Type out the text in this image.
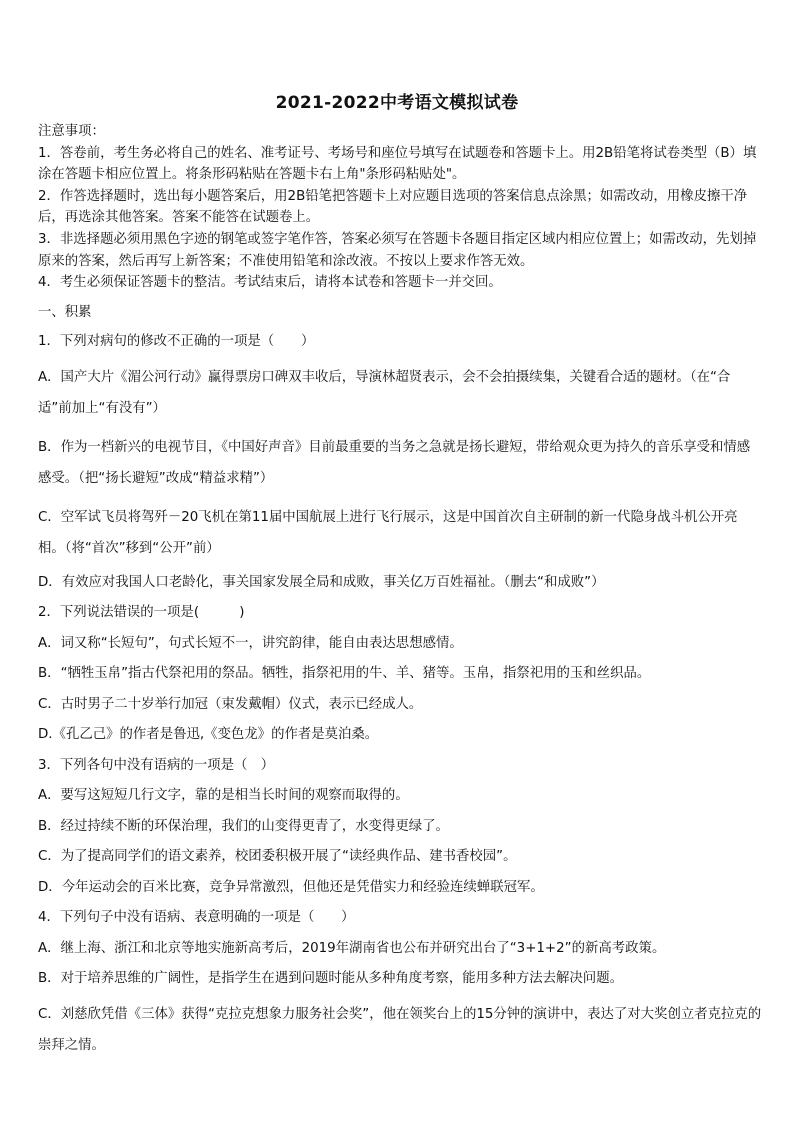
2021-2022中考语文模拟试卷

注意事项：

1．答卷前，考生务必将自己的姓名、准考证号、考场号和座位号填写在试题卷和答题卡上。用2B铅笔将试卷类型（B）填涂在答题卡相应位置上。将条形码粘贴在答题卡右上角"条形码粘贴处"。

2．作答选择题时，选出每小题答案后，用2B铅笔把答题卡上对应题目选项的答案信息点涂黑；如需改动，用橡皮擦干净后，再选涂其他答案。答案不能答在试题卷上。

3．非选择题必须用黑色字迹的钢笔或签字笔作答，答案必须写在答题卡各题目指定区域内相应位置上；如需改动，先划掉原来的答案，然后再写上新答案；不准使用铅笔和涂改液。不按以上要求作答无效。

4．考生必须保证答题卡的整洁。考试结束后，请将本试卷和答题卡一并交回。

一、积累

1．下列对病句的修改不正确的一项是（　　）

A．国产大片《湄公河行动》赢得票房口碑双丰收后，导演林超贤表示，会不会拍摄续集，关键看合适的题材。（在“合适”前加上“有没有”）

B．作为一档新兴的电视节目，《中国好声音》目前最重要的当务之急就是扬长避短，带给观众更为持久的音乐享受和情感感受。（把“扬长避短”改成“精益求精”）

C．空军试飞员将驾歼－20飞机在第11届中国航展上进行飞行展示，这是中国首次自主研制的新一代隐身战斗机公开亮相。（将“首次”移到“公开”前）

D．有效应对我国人口老龄化，事关国家发展全局和成败，事关亿万百姓福祉。（删去“和成败”）

2．下列说法错误的一项是(　　　)

A．词又称“长短句”，句式长短不一，讲究韵律，能自由表达思想感情。

B．“牺牲玉帛”指古代祭祀用的祭品。牺牲，指祭祀用的牛、羊、猪等。玉帛，指祭祀用的玉和丝织品。

C．古时男子二十岁举行加冠（束发戴帽）仪式，表示已经成人。

D.《孔乙己》的作者是鲁迅,《变色龙》的作者是莫泊桑。

3．下列各句中没有语病的一项是（　）

A．要写这短短几行文字，靠的是相当长时间的观察而取得的。

B．经过持续不断的环保治理，我们的山变得更青了，水变得更绿了。

C．为了提高同学们的语文素养，校团委积极开展了“读经典作品、建书香校园”。

D．今年运动会的百米比赛，竞争异常激烈，但他还是凭借实力和经验连续蝉联冠军。

4．下列句子中没有语病、表意明确的一项是（　　）

A．继上海、浙江和北京等地实施新高考后，2019年湖南省也公布并研究出台了“3+1+2”的新高考政策。

B．对于培养思维的广阔性，是指学生在遇到问题时能从多种角度考察，能用多种方法去解决问题。

C．刘慈欣凭借《三体》获得“克拉克想象力服务社会奖”，他在领奖台上的15分钟的演讲中，表达了对大奖创立者克拉克的崇拜之情。
